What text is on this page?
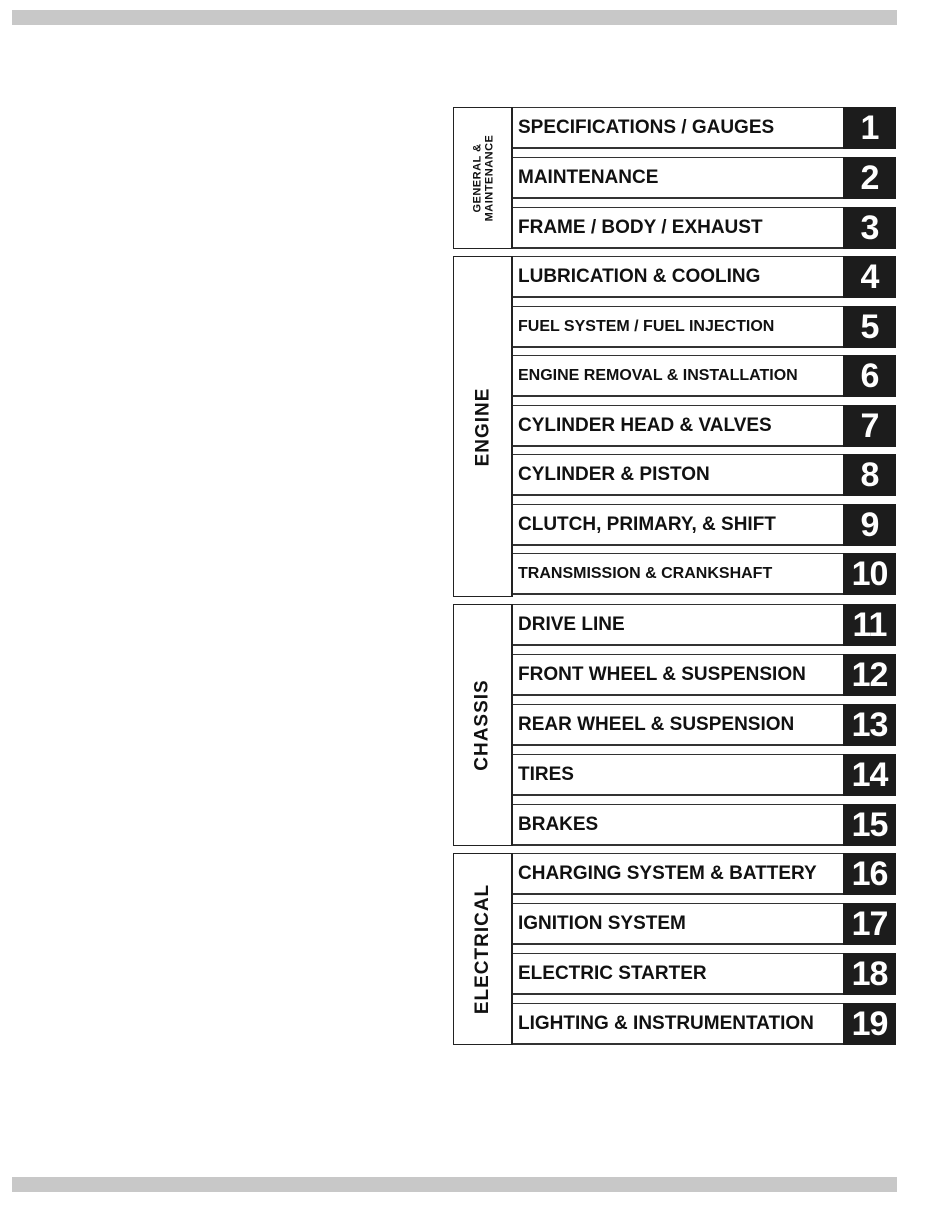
GENERAL &
MAINTENANCE
SPECIFICATIONS / GAUGES	1
MAINTENANCE	2
FRAME / BODY / EXHAUST	3
ENGINE
LUBRICATION & COOLING	4
FUEL SYSTEM / FUEL INJECTION	5
ENGINE REMOVAL & INSTALLATION	6
CYLINDER HEAD & VALVES	7
CYLINDER & PISTON	8
CLUTCH, PRIMARY, & SHIFT	9
TRANSMISSION & CRANKSHAFT 10
CHASSIS
DRIVE LINE	11
FRONT WHEEL & SUSPENSION 12
REAR WHEEL & SUSPENSION 13
TIRES	14
BRAKES	15
ELECTRICAL
CHARGING SYSTEM & BATTERY 16
IGNITION SYSTEM	17
ELECTRIC STARTER	18
LIGHTING & INSTRUMENTATION 19
